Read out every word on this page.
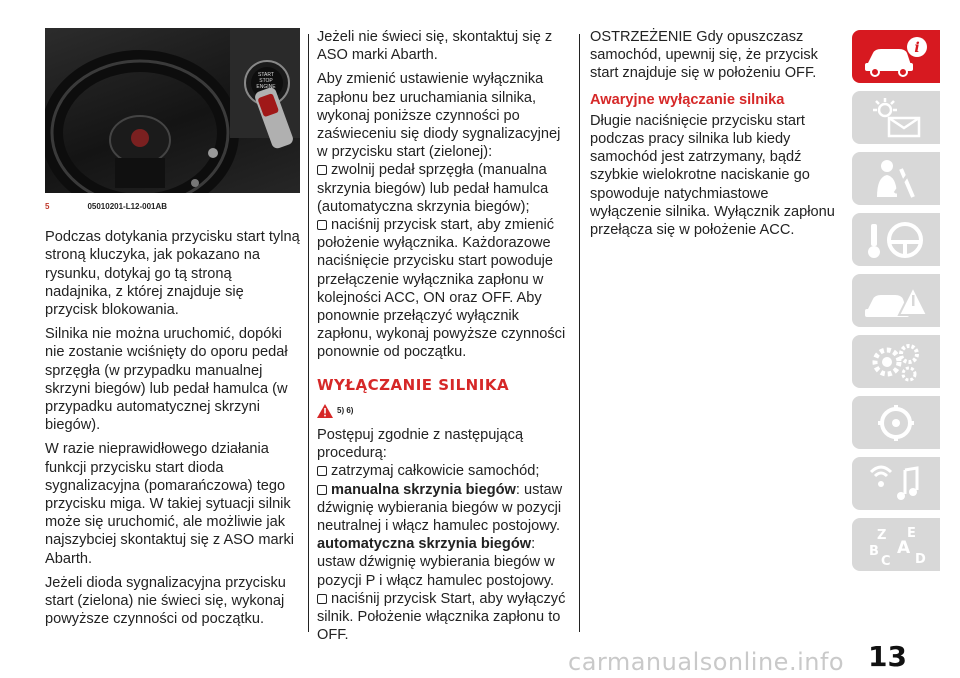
START
STOP
ENGINE
5	05010201-L12-001AB

Podczas dotykania przycisku start tylną stroną kluczyka, jak pokazano na rysunku, dotykaj go tą stroną nadajnika, z której znajduje się przycisk blokowania.

Silnika nie można uruchomić, dopóki nie zostanie wciśnięty do oporu pedał sprzęgła (w przypadku manualnej skrzyni biegów) lub pedał hamulca (w przypadku automatycznej skrzyni biegów).

W razie nieprawidłowego działania funkcji przycisku start dioda sygnalizacyjna (pomarańczowa) tego przycisku miga. W takiej sytuacji silnik może się uruchomić, ale możliwie jak najszybciej skontaktuj się z ASO marki Abarth.

Jeżeli dioda sygnalizacyjna przycisku start (zielona) nie świeci się, wykonaj powyższe czynności od początku.

Jeżeli nie świeci się, skontaktuj się z ASO marki Abarth.

Aby zmienić ustawienie wyłącznika zapłonu bez uruchamiania silnika, wykonaj poniższe czynności po zaświeceniu się diody sygnalizacyjnej w przycisku start (zielonej):

zwolnij pedał sprzęgła (manualna skrzynia biegów) lub pedał hamulca (automatyczna skrzynia biegów);

naciśnij przycisk start, aby zmienić położenie wyłącznika. Każdorazowe naciśnięcie przycisku start powoduje przełączenie wyłącznika zapłonu w kolejności ACC, ON oraz OFF. Aby ponownie przełączyć wyłącznik zapłonu, wykonaj powyższe czynności ponownie od początku.

WYŁĄCZANIE SILNIKA
5) 6)

Postępuj zgodnie z następującą procedurą:

zatrzymaj całkowicie samochód;

manualna skrzynia biegów: ustaw dźwignię wybierania biegów w pozycji neutralnej i włącz hamulec postojowy.

automatyczna skrzynia biegów: ustaw dźwignię wybierania biegów w pozycji P i włącz hamulec postojowy.

naciśnij przycisk Start, aby wyłączyć silnik. Położenie włącznika zapłonu to OFF.

OSTRZEŻENIE Gdy opuszczasz samochód, upewnij się, że przycisk start znajduje się w położeniu OFF.

Awaryjne wyłączanie silnika

Długie naciśnięcie przycisku start podczas pracy silnika lub kiedy samochód jest zatrzymany, bądź szybkie wielokrotne naciskanie go spowoduje natychmiastowe wyłączenie silnika. Wyłącznik zapłonu przełącza się w położenie ACC.

i
Z E
B A
C D
carmanualsonline.info 13
